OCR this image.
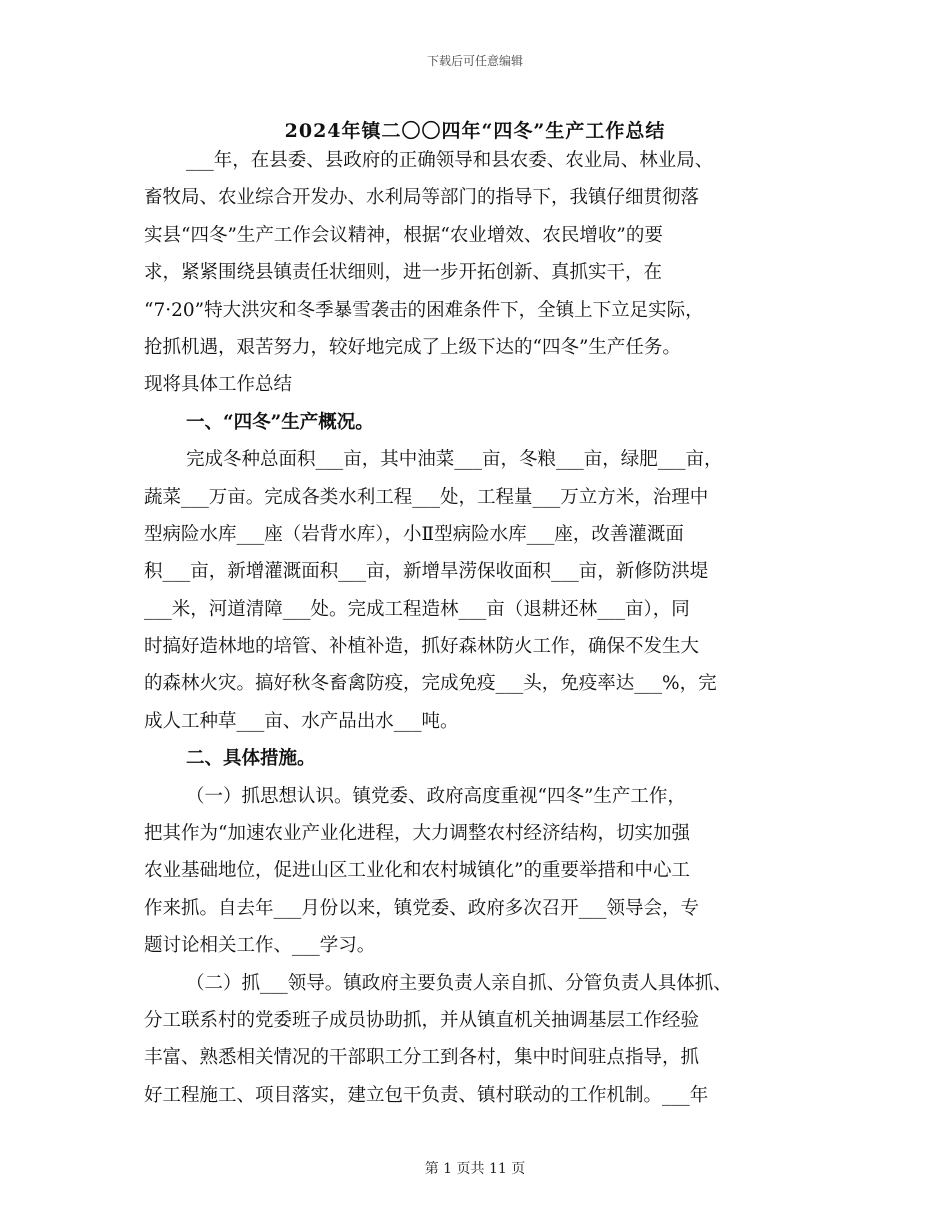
下载后可任意编辑
2024年镇二〇〇四年“四冬”生产工作总结
___年，在县委、县政府的正确领导和县农委、农业局、林业局、
畜牧局、农业综合开发办、水利局等部门的指导下，我镇仔细贯彻落
实县“四冬”生产工作会议精神，根据“农业增效、农民增收”的要
求，紧紧围绕县镇责任状细则，进一步开拓创新、真抓实干，在
“7·20”特大洪灾和冬季暴雪袭击的困难条件下，全镇上下立足实际，
抢抓机遇，艰苦努力，较好地完成了上级下达的“四冬”生产任务。
现将具体工作总结
一、“四冬”生产概况。
完成冬种总面积___亩，其中油菜___亩，冬粮___亩，绿肥___亩，
蔬菜___万亩。完成各类水利工程___处，工程量___万立方米，治理中
型病险水库___座（岩背水库），小Ⅱ型病险水库___座，改善灌溉面
积___亩，新增灌溉面积___亩，新增旱涝保收面积___亩，新修防洪堤
___米，河道清障___处。完成工程造林___亩（退耕还林___亩），同
时搞好造林地的培管、补植补造，抓好森林防火工作，确保不发生大
的森林火灾。搞好秋冬畜禽防疫，完成免疫___头，免疫率达___%，完
成人工种草___亩、水产品出水___吨。
二、具体措施。
（一）抓思想认识。镇党委、政府高度重视“四冬”生产工作，
把其作为“加速农业产业化进程，大力调整农村经济结构，切实加强
农业基础地位，促进山区工业化和农村城镇化”的重要举措和中心工
作来抓。自去年___月份以来，镇党委、政府多次召开___领导会，专
题讨论相关工作、___学习。
（二）抓___领导。镇政府主要负责人亲自抓、分管负责人具体抓、
分工联系村的党委班子成员协助抓，并从镇直机关抽调基层工作经验
丰富、熟悉相关情况的干部职工分工到各村，集中时间驻点指导，抓
好工程施工、项目落实，建立包干负责、镇村联动的工作机制。___年
第 1 页共 11 页
